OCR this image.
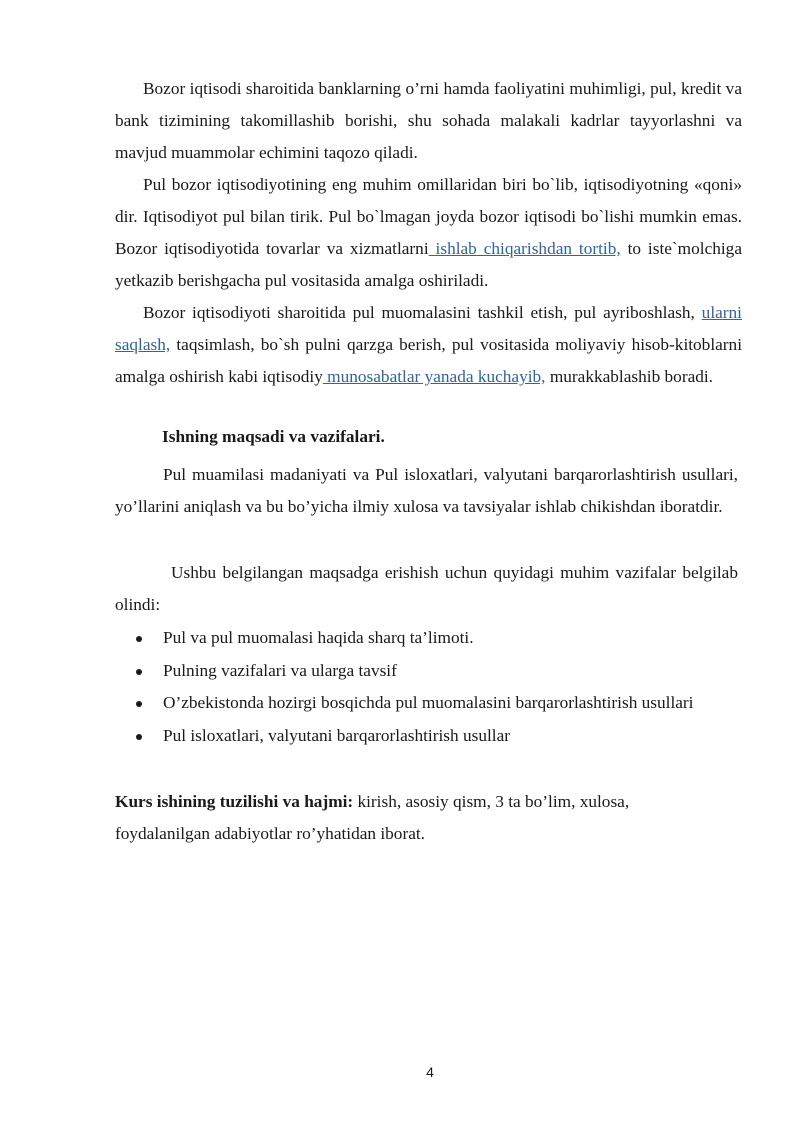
Bozor iqtisodi sharoitida banklarning o’rni hamda faoliyatini muhimligi, pul, kredit va bank tizimining takomillashib borishi, shu sohada malakali kadrlar tayyorlashni va mavjud muammolar echimini taqozo qiladi.

Pul bozor iqtisodiyotining eng muhim omillaridan biri bo`lib, iqtisodiyotning «qoni» dir. Iqtisodiyot pul bilan tirik. Pul bo`lmagan joyda bozor iqtisodi bo`lishi mumkin emas. Bozor iqtisodiyotida tovarlar va xizmatlarni ishlab chiqarishdan tortib, to iste`molchiga yetkazib berishgacha pul vositasida amalga oshiriladi.

Bozor iqtisodiyoti sharoitida pul muomalasini tashkil etish, pul ayriboshlash, ularni saqlash, taqsimlash, bo`sh pulni qarzga berish, pul vositasida moliyaviy hisob-kitoblarni amalga oshirish kabi iqtisodiy munosabatlar yanada kuchayib, murakkablashib boradi.

Ishning maqsadi va vazifalari.

Pul muamilasi madaniyati va Pul isloxatlari, valyutani barqarorlashtirish usullari, yo’llarini aniqlash va bu bo’yicha ilmiy xulosa va tavsiyalar ishlab chikishdan iboratdir.

Ushbu belgilangan maqsadga erishish uchun quyidagi muhim vazifalar belgilab olindi:

Pul va pul muomalasi haqida sharq ta’limoti.
Pulning vazifalari va ularga tavsif
O’zbekistonda hozirgi bosqichda pul muomalasini barqarorlashtirish usullari
Pul isloxatlari, valyutani barqarorlashtirish usullar

Kurs ishining tuzilishi va hajmi: kirish, asosiy qism, 3 ta bo’lim, xulosa, foydalanilgan adabiyotlar ro’yhatidan iborat.

4
